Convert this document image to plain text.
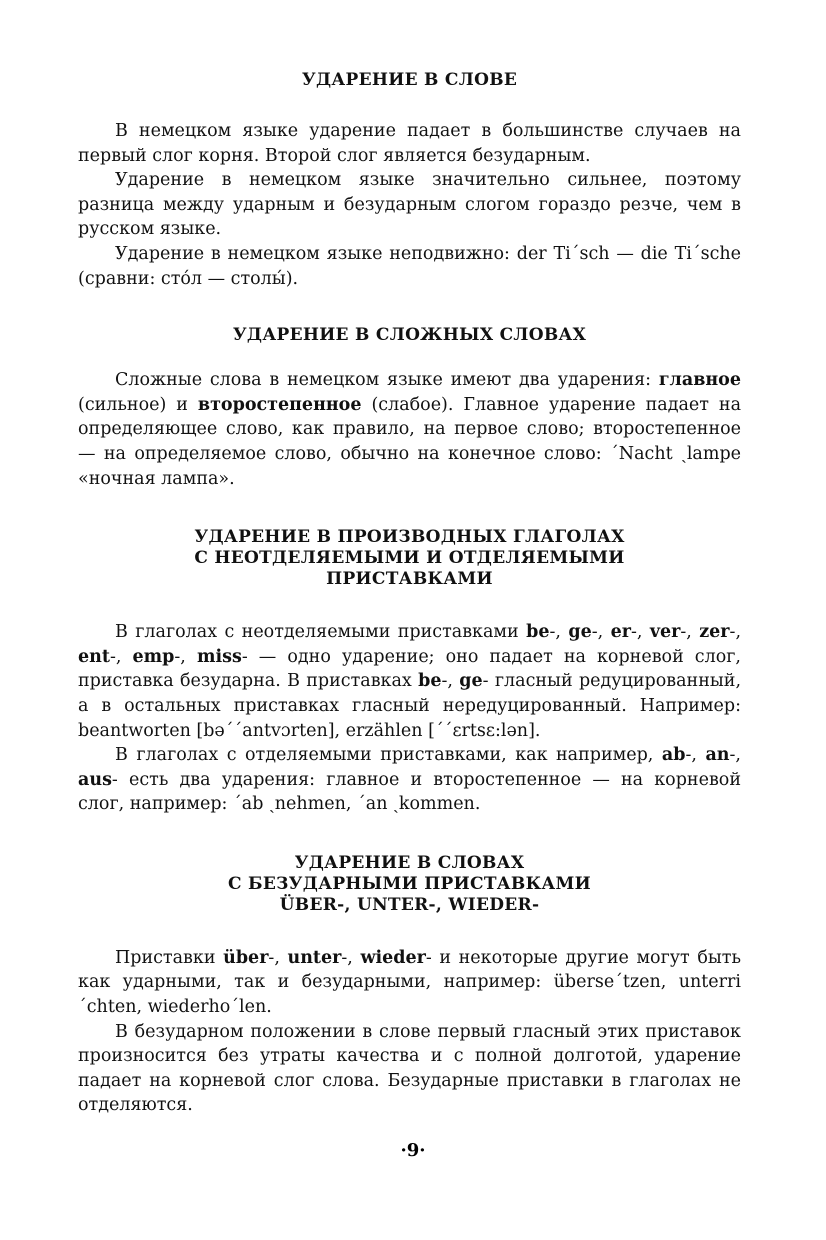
УДАРЕНИЕ В СЛОВЕ

В немецком языке ударение падает в большинстве случаев на первый слог корня. Второй слог является безударным.

Ударение в немецком языке значительно сильнее, поэтому разница между ударным и безударным слогом гораздо резче, чем в русском языке.

Ударение в немецком языке неподвижно: der Ti´sch — die Ti´sche (сравни: сто́л — столы́).

УДАРЕНИЕ В СЛОЖНЫХ СЛОВАХ

Сложные слова в немецком языке имеют два ударения: главное (сильное) и второстепенное (слабое). Главное ударение падает на определяющее слово, как правило, на первое слово; второстепенное — на определяемое слово, обычно на конечное слово: ´Nacht ˏlampe «ночная лампа».

УДАРЕНИЕ В ПРОИЗВОДНЫХ ГЛАГОЛАХ
С НЕОТДЕЛЯЕМЫМИ И ОТДЕЛЯЕМЫМИ
ПРИСТАВКАМИ

В глаголах с неотделяемыми приставками be-, ge-, er-, ver-, zer-, ent-, emp-, miss- — одно ударение; оно падает на корневой слог, приставка безударна. В приставках be-, ge- гласный редуцированный, а в остальных приставках гласный нередуцированный. Например: beantworten [bə´´antvɔrten], erzählen [´´ɛrtsɛ:lən].

В глаголах с отделяемыми приставками, как например, ab-, an-, aus- есть два ударения: главное и второстепенное — на корневой слог, например: ´ab ˏnehmen, ´an ˏkommen.

УДАРЕНИЕ В СЛОВАХ
С БЕЗУДАРНЫМИ ПРИСТАВКАМИ
ÜBER-, UNTER-, WIEDER-

Приставки über-, unter-, wieder- и некоторые другие могут быть как ударными, так и безударными, например: überse´tzen, unterri´chten, wiederho´len.

В безударном положении в слове первый гласный этих приставок произносится без утраты качества и с полной долготой, ударение падает на корневой слог слова. Безударные приставки в глаголах не отделяются.

·9·
